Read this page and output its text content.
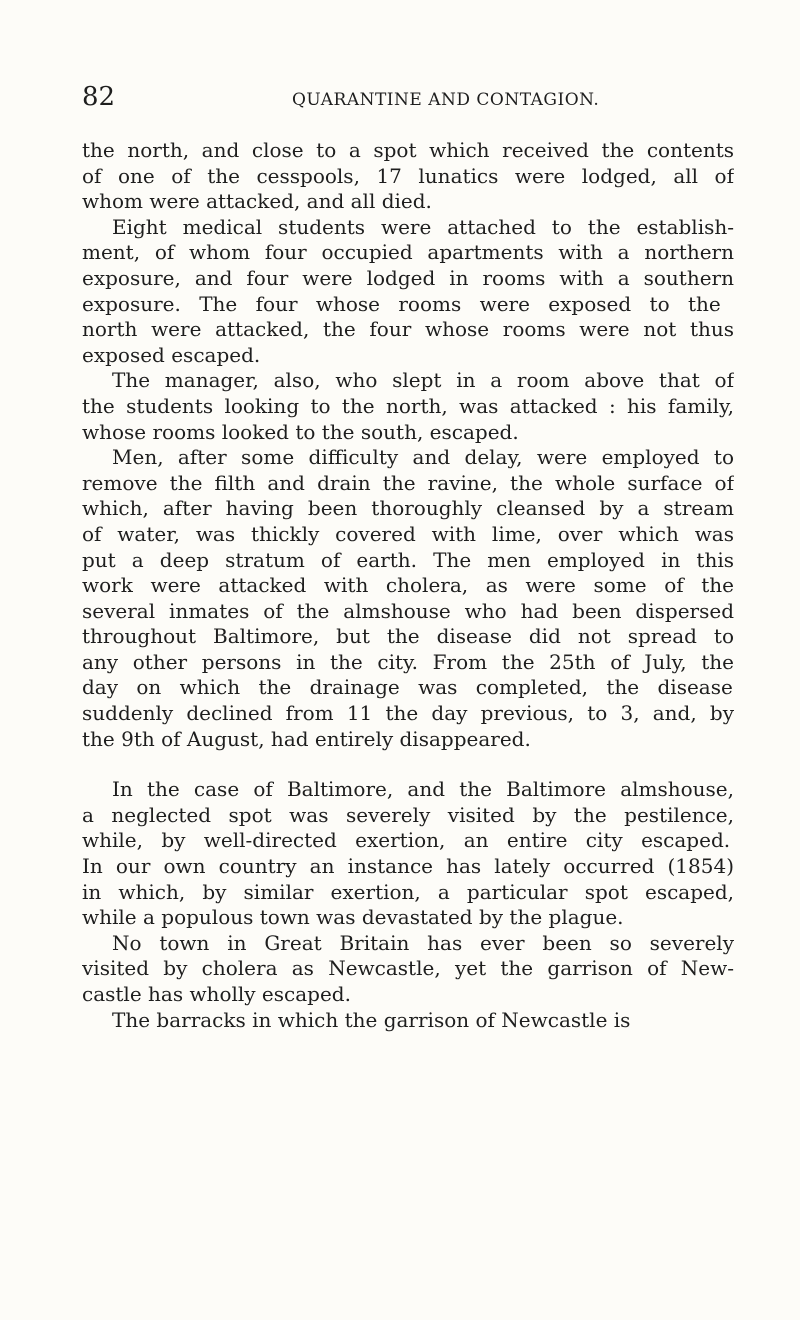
82	QUARANTINE AND CONTAGION.
the north, and close to a spot which received the contents
of one of the cesspools, 17 lunatics were lodged, all of
whom were attacked, and all died.
Eight medical students were attached to the establish-
ment, of whom four occupied apartments with a northern
exposure, and four were lodged in rooms with a southern
exposure. The four whose rooms were exposed to the
north were attacked, the four whose rooms were not thus
exposed escaped.
The manager, also, who slept in a room above that of
the students looking to the north, was attacked : his family,
whose rooms looked to the south, escaped.
Men, after some difficulty and delay, were employed to
remove the filth and drain the ravine, the whole surface of
which, after having been thoroughly cleansed by a stream
of water, was thickly covered with lime, over which was
put a deep stratum of earth. The men employed in this
work were attacked with cholera, as were some of the
several inmates of the almshouse who had been dispersed
throughout Baltimore, but the disease did not spread to
any other persons in the city. From the 25th of July, the
day on which the drainage was completed, the disease
suddenly declined from 11 the day previous, to 3, and, by
the 9th of August, had entirely disappeared.
In the case of Baltimore, and the Baltimore almshouse,
a neglected spot was severely visited by the pestilence,
while, by well-directed exertion, an entire city escaped.
In our own country an instance has lately occurred (1854)
in which, by similar exertion, a particular spot escaped,
while a populous town was devastated by the plague.
No town in Great Britain has ever been so severely
visited by cholera as Newcastle, yet the garrison of New-
castle has wholly escaped.
The barracks in which the garrison of Newcastle is
